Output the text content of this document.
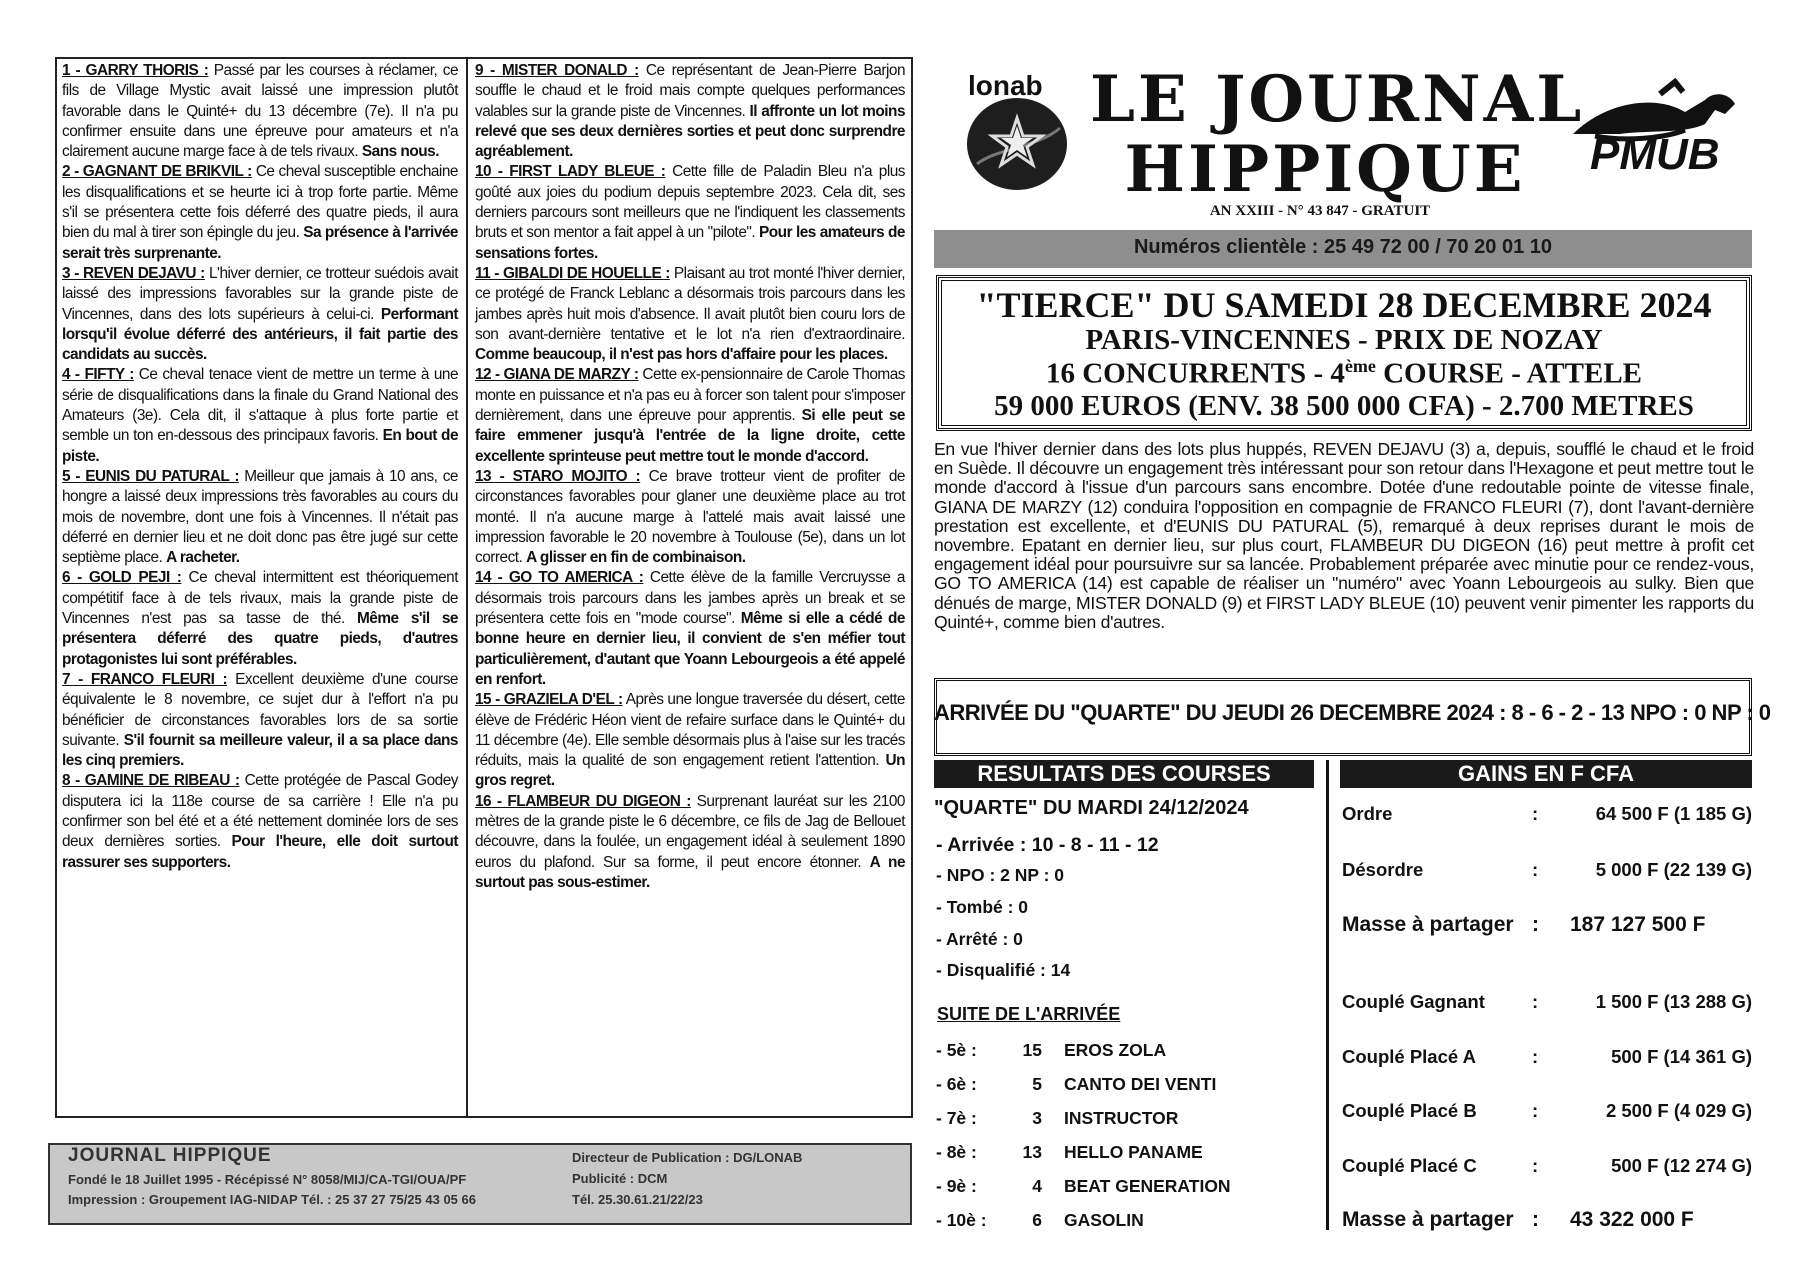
1 - GARRY THORIS : Passé par les courses à réclamer, ce fils de Village Mystic avait laissé une impression plutôt favorable dans le Quinté+ du 13 décembre (7e). Il n'a pu confirmer ensuite dans une épreuve pour amateurs et n'a clairement aucune marge face à de tels rivaux. Sans nous.

2 - GAGNANT DE BRIKVIL : Ce cheval susceptible enchaine les disqualifications et se heurte ici à trop forte partie. Même s'il se présentera cette fois déferré des quatre pieds, il aura bien du mal à tirer son épingle du jeu. Sa présence à l'arrivée serait très surprenante.

3 - REVEN DEJAVU : L'hiver dernier, ce trotteur suédois avait laissé des impressions favorables sur la grande piste de Vincennes, dans des lots supérieurs à celui-ci. Performant lorsqu'il évolue déferré des antérieurs, il fait partie des candidats au succès.

4 - FIFTY : Ce cheval tenace vient de mettre un terme à une série de disqualifications dans la finale du Grand National des Amateurs (3e). Cela dit, il s'attaque à plus forte partie et semble un ton en-dessous des principaux favoris. En bout de piste.

5 - EUNIS DU PATURAL : Meilleur que jamais à 10 ans, ce hongre a laissé deux impressions très favorables au cours du mois de novembre, dont une fois à Vincennes. Il n'était pas déferré en dernier lieu et ne doit donc pas être jugé sur cette septième place. A racheter.

6 - GOLD PEJI : Ce cheval intermittent est théoriquement compétitif face à de tels rivaux, mais la grande piste de Vincennes n'est pas sa tasse de thé. Même s'il se présentera déferré des quatre pieds, d'autres protagonistes lui sont préférables.

7 - FRANCO FLEURI : Excellent deuxième d'une course équivalente le 8 novembre, ce sujet dur à l'effort n'a pu bénéficier de circonstances favorables lors de sa sortie suivante. S'il fournit sa meilleure valeur, il a sa place dans les cinq premiers.

8 - GAMINE DE RIBEAU : Cette protégée de Pascal Godey disputera ici la 118e course de sa carrière ! Elle n'a pu confirmer son bel été et a été nettement dominée lors de ses deux dernières sorties. Pour l'heure, elle doit surtout rassurer ses supporters.

9 - MISTER DONALD : Ce représentant de Jean-Pierre Barjon souffle le chaud et le froid mais compte quelques performances valables sur la grande piste de Vincennes. Il affronte un lot moins relevé que ses deux dernières sorties et peut donc surprendre agréablement.

10 - FIRST LADY BLEUE : Cette fille de Paladin Bleu n'a plus goûté aux joies du podium depuis septembre 2023. Cela dit, ses derniers parcours sont meilleurs que ne l'indiquent les classements bruts et son mentor a fait appel à un "pilote". Pour les amateurs de sensations fortes.

11 - GIBALDI DE HOUELLE : Plaisant au trot monté l'hiver dernier, ce protégé de Franck Leblanc a désormais trois parcours dans les jambes après huit mois d'absence. Il avait plutôt bien couru lors de son avant-dernière tentative et le lot n'a rien d'extraordinaire. Comme beaucoup, il n'est pas hors d'affaire pour les places.

12 - GIANA DE MARZY : Cette ex-pensionnaire de Carole Thomas monte en puissance et n'a pas eu à forcer son talent pour s'imposer dernièrement, dans une épreuve pour apprentis. Si elle peut se faire emmener jusqu'à l'entrée de la ligne droite, cette excellente sprinteuse peut mettre tout le monde d'accord.

13 - STARO MOJITO : Ce brave trotteur vient de profiter de circonstances favorables pour glaner une deuxième place au trot monté. Il n'a aucune marge à l'attelé mais avait laissé une impression favorable le 20 novembre à Toulouse (5e), dans un lot correct. A glisser en fin de combinaison.

14 - GO TO AMERICA : Cette élève de la famille Vercruysse a désormais trois parcours dans les jambes après un break et se présentera cette fois en "mode course". Même si elle a cédé de bonne heure en dernier lieu, il convient de s'en méfier tout particulièrement, d'autant que Yoann Lebourgeois a été appelé en renfort.

15 - GRAZIELA D'EL : Après une longue traversée du désert, cette élève de Frédéric Héon vient de refaire surface dans le Quinté+ du 11 décembre (4e). Elle semble désormais plus à l'aise sur les tracés réduits, mais la qualité de son engagement retient l'attention. Un gros regret.

16 - FLAMBEUR DU DIGEON : Surprenant lauréat sur les 2100 mètres de la grande piste le 6 décembre, ce fils de Jag de Bellouet découvre, dans la foulée, un engagement idéal à seulement 1890 euros du plafond. Sur sa forme, il peut encore étonner. A ne surtout pas sous-estimer.

JOURNAL HIPPIQUE
Fondé le 18 Juillet 1995 - Récépissé N° 8058/MIJ/CA-TGI/OUA/PF
Impression : Groupement IAG-NIDAP Tél. : 25 37 27 75/25 43 05 66
Directeur de Publication : DG/LONAB
Publicité : DCM
Tél. 25.30.61.21/22/23
lonab
PMUB
LE JOURNAL
HIPPIQUE
AN XXIII - N° 43 847 - GRATUIT
Numéros clientèle : 25 49 72 00 / 70 20 01 10
"TIERCE" DU SAMEDI 28 DECEMBRE 2024
PARIS-VINCENNES - PRIX DE NOZAY
16 CONCURRENTS - 4ème COURSE - ATTELE
59 000 EUROS (ENV. 38 500 000 CFA) - 2.700 METRES
En vue l'hiver dernier dans des lots plus huppés, REVEN DEJAVU (3) a, depuis, soufflé le chaud et le froid en Suède. Il découvre un engagement très intéressant pour son retour dans l'Hexagone et peut mettre tout le monde d'accord à l'issue d'un parcours sans encombre. Dotée d'une redoutable pointe de vitesse finale, GIANA DE MARZY (12) conduira l'opposition en compagnie de FRANCO FLEURI (7), dont l'avant-dernière prestation est excellente, et d'EUNIS DU PATURAL (5), remarqué à deux reprises durant le mois de novembre. Epatant en dernier lieu, sur plus court, FLAMBEUR DU DIGEON (16) peut mettre à profit cet engagement idéal pour poursuivre sur sa lancée. Probablement préparée avec minutie pour ce rendez-vous, GO TO AMERICA (14) est capable de réaliser un "numéro" avec Yoann Lebourgeois au sulky. Bien que dénués de marge, MISTER DONALD (9) et FIRST LADY BLEUE (10) peuvent venir pimenter les rapports du Quinté+, comme bien d'autres.
ARRIVÉE DU "QUARTE" DU JEUDI 26 DECEMBRE 2024 : 8 - 6 - 2 - 13 NPO : 0 NP : 0
RESULTATS DES COURSES	GAINS EN F CFA
"QUARTE" DU MARDI 24/12/2024
- Arrivée : 10 - 8 - 11 - 12
- NPO : 2 NP : 0
- Tombé : 0
- Arrêté : 0
- Disqualifié : 14
SUITE DE L'ARRIVÉE
- 5è :	15 EROS ZOLA
- 6è :	5 CANTO DEI VENTI
- 7è :	3 INSTRUCTOR
- 8è :	13 HELLO PANAME
- 9è :	4 BEAT GENERATION
- 10è :	6 GASOLIN
Ordre	:	64 500 F (1 185 G)
Désordre	:	5 000 F (22 139 G)
Masse à partager : 187 127 500 F
Couplé Gagnant	:	1 500 F (13 288 G)
Couplé Placé A	:	500 F (14 361 G)
Couplé Placé B	:	2 500 F (4 029 G)
Couplé Placé C	:	500 F (12 274 G)
Masse à partager : 43 322 000 F
